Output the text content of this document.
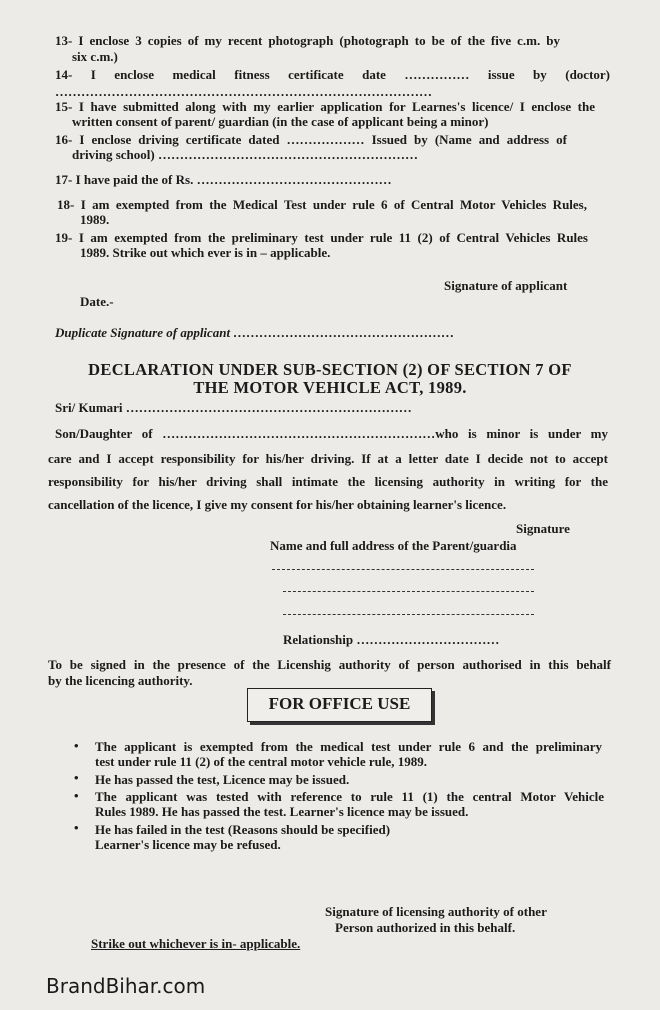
13- I enclose 3 copies of my recent photograph (photograph to be of the five c.m. by
six c.m.)
14- I enclose medical fitness certificate date …………… issue by (doctor)
……………………………………………………………………………
15- I have submitted along with my earlier application for Learnes's licence/ I enclose the
written consent of parent/ guardian (in the case of applicant being a minor)
16- I enclose driving certificate dated ……………… Issued by (Name and address of
driving school) ……………………………………………………
17- I have paid the of Rs. ………………………………………
18- I am exempted from the Medical Test under rule 6 of Central Motor Vehicles Rules,
1989.
19- I am exempted from the preliminary test under rule 11 (2) of Central Vehicles Rules
1989. Strike out which ever is in – applicable.
Signature of applicant
Date.-
Duplicate Signature of applicant ……………………………………………
DECLARATION UNDER SUB-SECTION (2) OF SECTION 7 OF
THE MOTOR VEHICLE ACT, 1989.
Sri/ Kumari …………………………………………………………
Son/Daughter of ………………………………………………………who is minor is under my
care and I accept responsibility for his/her driving. If at a letter date I decide not to accept
responsibility for his/her driving shall intimate the licensing authority in writing for the
cancellation of the licence, I give my consent for his/her obtaining learner's licence.
Signature
Name and full address of the Parent/guardia
Relationship ……………………………
To be signed in the presence of the Licenshig authority of person authorised in this behalf
by the licencing authority.
FOR OFFICE USE
• The applicant is exempted from the medical test under rule 6 and the preliminary
test under rule 11 (2) of the central motor vehicle rule, 1989.
• He has passed the test, Licence may be issued.
• The applicant was tested with reference to rule 11 (1) the central Motor Vehicle
Rules 1989. He has passed the test. Learner's licence may be issued.
• He has failed in the test (Reasons should be specified)
Learner's licence may be refused.
Signature of licensing authority of other
Person authorized in this behalf.
Strike out whichever is in- applicable.
BrandBihar.com
